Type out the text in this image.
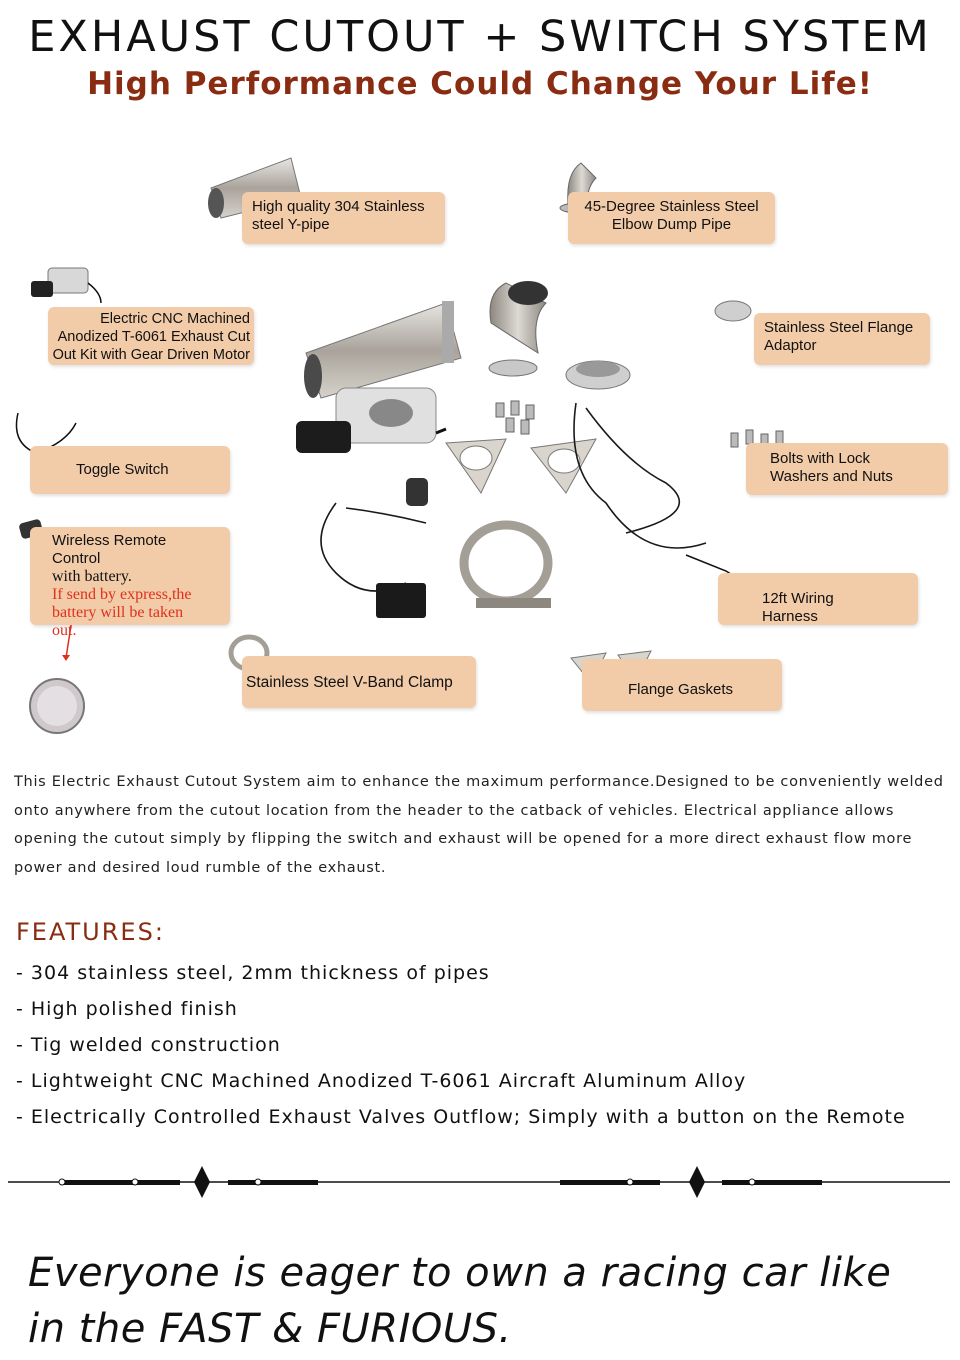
EXHAUST CUTOUT + SWITCH SYSTEM
High Performance Could Change Your Life!
High quality 304 Stainless steel Y-pipe
45-Degree Stainless Steel Elbow Dump Pipe
Electric CNC Machined Anodized T-6061 Exhaust Cut Out Kit with Gear Driven Motor
Stainless Steel Flange Adaptor
Toggle Switch
Bolts with Lock Washers and Nuts
Wireless Remote Control
with battery.
If send by express,the battery will be taken out.
12ft Wiring Harness
Stainless Steel V-Band Clamp	Flange Gaskets
This Electric Exhaust Cutout System aim to enhance the maximum performance.Designed to be conveniently welded onto anywhere from the cutout location from the header to the catback of vehicles. Electrical appliance allows opening the cutout simply by flipping the switch and exhaust will be opened for a more direct exhaust flow more power and desired loud rumble of the exhaust.
FEATURES:
- 304 stainless steel, 2mm thickness of pipes
- High polished finish
- Tig welded construction
- Lightweight CNC Machined Anodized T-6061 Aircraft Aluminum Alloy
- Electrically Controlled Exhaust Valves Outflow; Simply with a button on the Remote
Everyone is eager to own a racing car like
in the FAST & FURIOUS.
